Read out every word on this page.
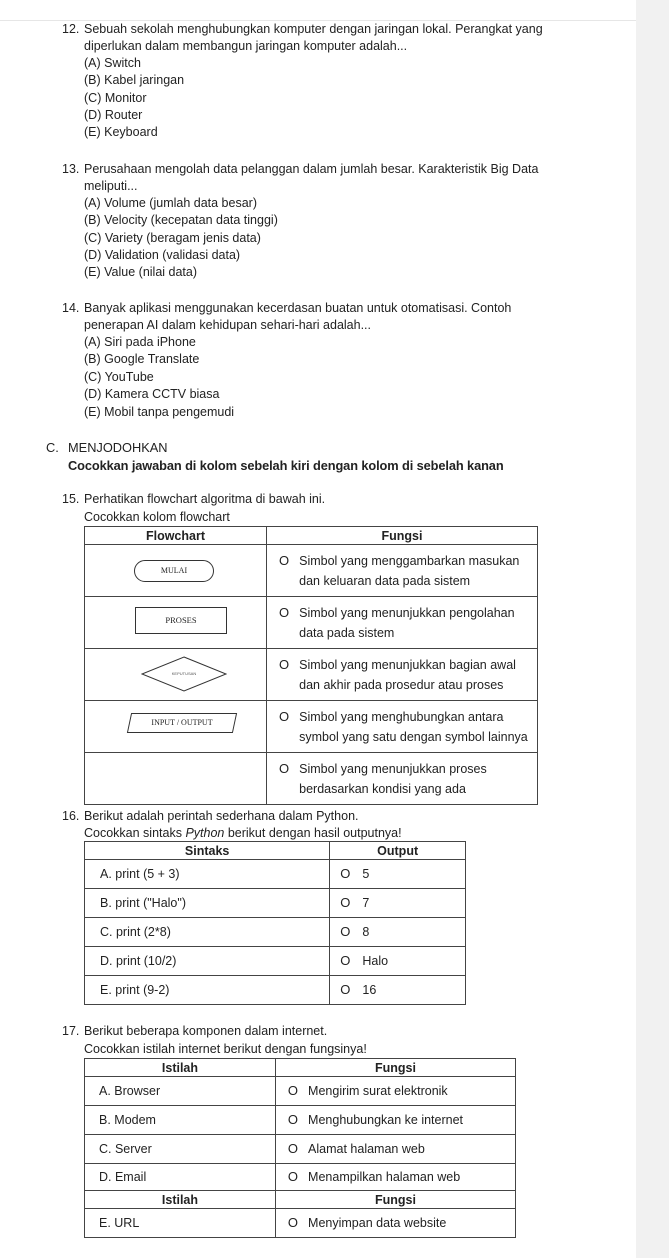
12. Sebuah sekolah menghubungkan komputer dengan jaringan lokal. Perangkat yang
diperlukan dalam membangun jaringan komputer adalah...
(A) Switch
(B) Kabel jaringan
(C) Monitor
(D) Router
(E) Keyboard
13. Perusahaan mengolah data pelanggan dalam jumlah besar. Karakteristik Big Data
meliputi...
(A) Volume (jumlah data besar)
(B) Velocity (kecepatan data tinggi)
(C) Variety (beragam jenis data)
(D) Validation (validasi data)
(E) Value (nilai data)
14. Banyak aplikasi menggunakan kecerdasan buatan untuk otomatisasi. Contoh
penerapan AI dalam kehidupan sehari-hari adalah...
(A) Siri pada iPhone
(B) Google Translate
(C) YouTube
(D) Kamera CCTV biasa
(E) Mobil tanpa pengemudi
C. MENJODOHKAN
Cocokkan jawaban di kolom sebelah kiri dengan kolom di sebelah kanan
15. Perhatikan flowchart algoritma di bawah ini.
Cocokkan kolom flowchart
Flowchart	Fungsi

MULAI	O Simbol yang menggambarkan masukan
dan keluaran data pada sistem

PROSES	O Simbol yang menunjukkan pengolahan
data pada sistem

KEPUTUSAN	O Simbol yang menunjukkan bagian awal
dan akhir pada prosedur atau proses

INPUT / OUTPUT	O Simbol yang menghubungkan antara
symbol yang satu dengan symbol lainnya

	O Simbol yang menunjukkan proses
berdasarkan kondisi yang ada
16. Berikut adalah perintah sederhana dalam Python.
Cocokkan sintaks Python berikut dengan hasil outputnya!
Sintaks	Output
A. print (5 + 3)	O 5
B. print ("Halo")	O 7
C. print (2*8)	O 8
D. print (10/2)	O Halo
E. print (9-2)	O 16
17. Berikut beberapa komponen dalam internet.
Cocokkan istilah internet berikut dengan fungsinya!
Istilah	Fungsi
A. Browser	O Mengirim surat elektronik
B. Modem	O Menghubungkan ke internet
C. Server	O Alamat halaman web
D. Email	O Menampilkan halaman web
Istilah	Fungsi
E. URL	O Menyimpan data website
